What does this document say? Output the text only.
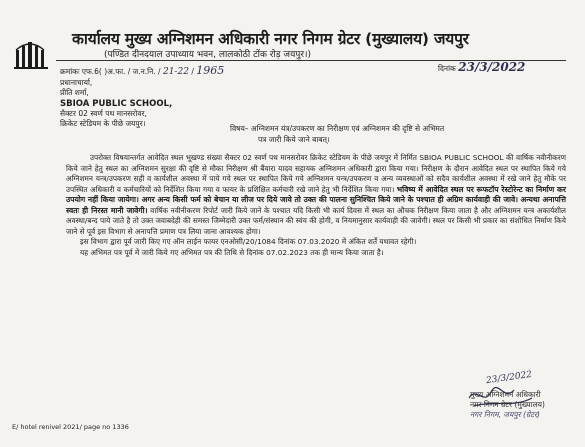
कार्यालय मुख्य अग्निशमन अधिकारी नगर निगम ग्रेटर (मुख्यालय) जयपुर
(पण्डित दीनदयाल उपाध्याय भवन, लालकोठी टोंक रोड़ जयपुर।)
क्रमांकः एफ.6( )अ.फा. / ज.न.नि. / 21-22 / 1965	दिनांक 23/3/2022
प्रधानाचार्या,
प्रीति शर्मा,
SBIOA PUBLIC SCHOOL,
सैक्टर 02 स्वर्ण पथ मानसरोवर,
क्रिकेट स्टेडियम के पीछे जयपुर।
विषय– अग्निशमन यंत्र/उपकरण का निरीक्षण एवं अग्निशमन की दृष्टि से अभिमत
पत्र जारी किये जाने बाबत्।

उपरोक्त विषयान्तर्गत आवेदित स्थल भूखण्ड संख्या सैक्टर 02 स्वर्ण पथ मानसरोवर क्रिकेट स्टेडियम के पीछे जयपुर में निर्मित SBIOA PUBLIC SCHOOL की वार्षिक नवीनीकरण किये जाने हेतु स्थल का अग्निशमन सुरक्षा की दृष्टि से मौका निरीक्षण श्री बैंवारा यादव सहायक अग्निशमन अधिकारी द्वारा किया गया। निरीक्षण के दौरान आवेदित स्थल पर स्थापित किये गये अग्निशमन यन्त्र/उपकरण सही व कार्यशील अवस्था में पाये गये स्थल पर स्थापित किये गये अग्निशमन यन्त्र/उपकरण व अन्य व्यवस्थाओं को सदैव कार्यशील अवस्था में रखे जाने हेतु मौके पर उपस्थित अधिकारी व कर्मचारियों को निर्देशित किया गया व फायर के प्रशिक्षित कर्मचारी रखे जाने हेतु भी निर्देशित किया गया। भविष्य में आवेदित स्थल पर रूफटॉप रेस्टोरेन्ट का निर्माण कर उपयोग नहीं किया जायेगा। अगर अन्य किसी फर्म को बेचान या लीज पर दिये जावे तो उक्त की पालना सुनिश्चित किये जाने के पश्चात ही अग्रिम कार्यवाही की जावे। अन्यथा अनापत्ति स्वतः ही निरस्त मानी जावेगी। वार्षिक नवीनीकरण रिपोर्ट जारी किये जाने के पश्चात यदि किसी भी कार्य दिवस में स्थल का औचक निरीक्षण किया जाता है और अग्निशमन यन्त्र अकार्यशील अवस्था/बन्द पाये जाते है तो उक्त जवाबदेही की समस्त जिम्मेदारी उक्त फर्म/संस्थान की स्वंय की होगी, व नियमानुसार कार्यवाही की जावेगी। स्थल पर किसी भी प्रकार का संशोधित निर्माण किये जाने से पूर्व इस विभाग से अनापत्ति प्रमाण पत्र लिया जाना आवश्यक होगा।

इस विभाग द्वारा पूर्व जारी किए गए ऑन लाईन फायर एनओसी/20/1084 दिनांक 07.03.2020 में अंकित शर्तें यथावत रहेगी।

यह अभिमत पत्र पूर्व में जारी किये गए अभिमत पत्र की तिथि से दिनांक 07.02.2023 तक ही मान्य किया जाता है।

23/3/2022
मुख्य अग्निशमन अधिकारी
नगर निगम ग्रेटर (मुख्यालय)
नगर निगम, जयपुर (ग्रेटर)
E/ hotel renivel 2021/ page no 1336
